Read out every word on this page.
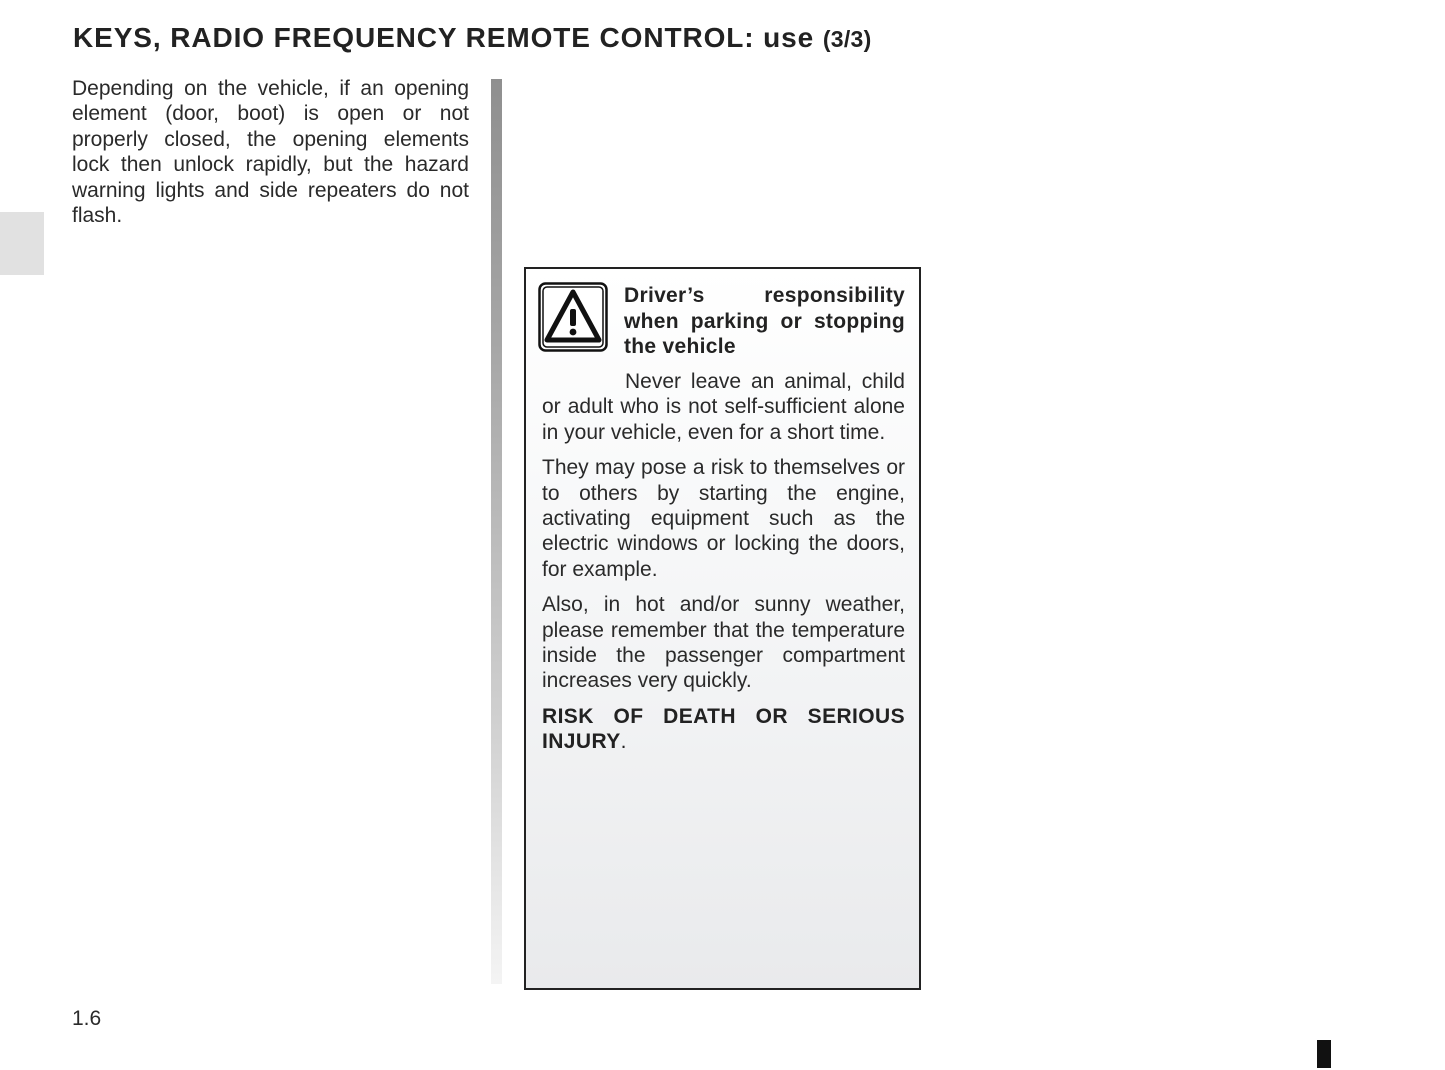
KEYS, RADIO FREQUENCY REMOTE CONTROL: use (3/3)

Depending on the vehicle, if an opening element (door, boot) is open or not properly closed, the opening elements lock then unlock rapidly, but the hazard warning lights and side repeaters do not flash.

Driver’s responsibility when parking or stopping the vehicle

Never leave an animal, child or adult who is not self-sufficient alone in your vehicle, even for a short time.

They may pose a risk to themselves or to others by starting the engine, activating equipment such as the electric windows or locking the doors, for example.

Also, in hot and/or sunny weather, please remember that the temperature inside the passenger compartment increases very quickly.

RISK OF DEATH OR SERIOUS INJURY.

1.6
